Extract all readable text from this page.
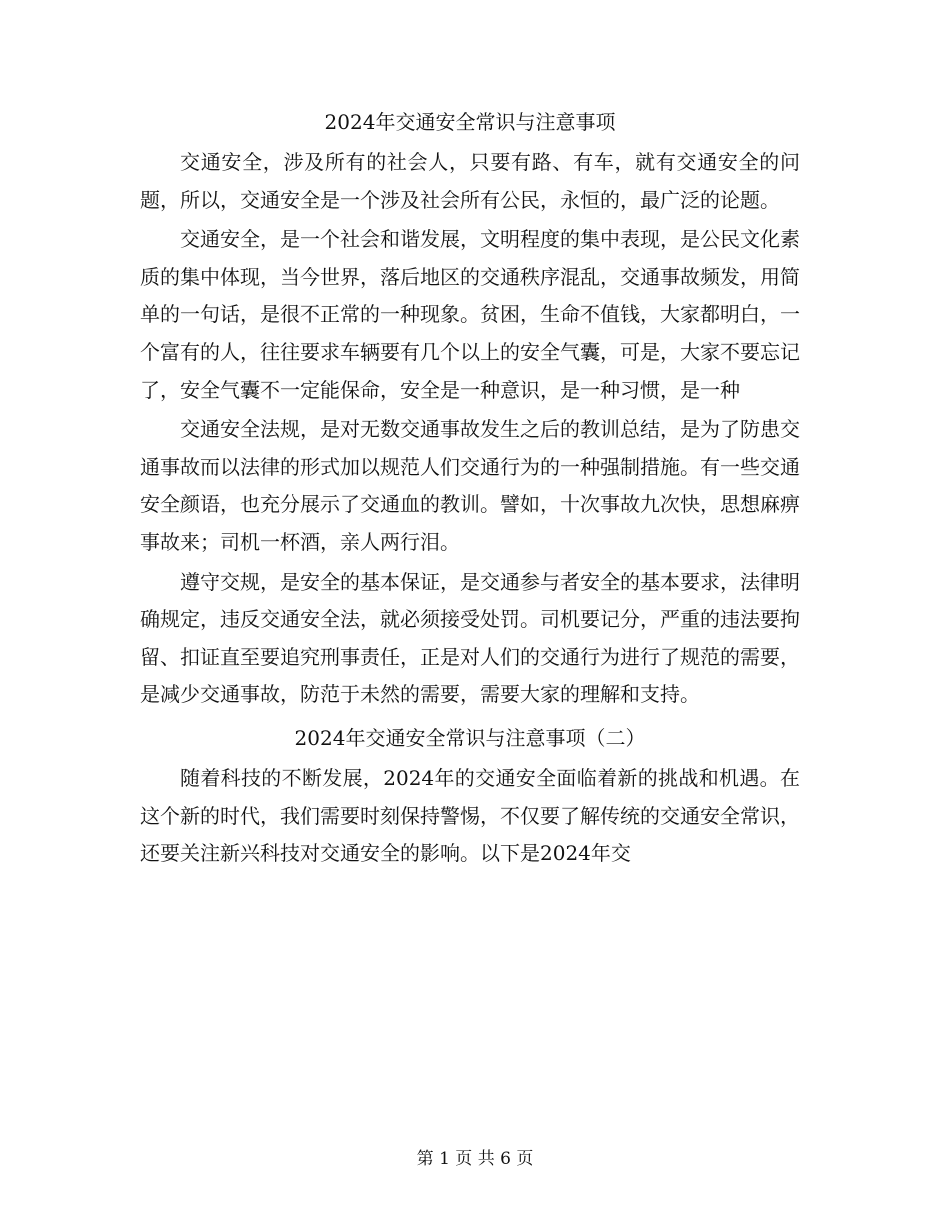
2024年交通安全常识与注意事项

交通安全，涉及所有的社会人，只要有路、有车，就有交通安全的问题，所以，交通安全是一个涉及社会所有公民，永恒的，最广泛的论题。

交通安全，是一个社会和谐发展，文明程度的集中表现，是公民文化素质的集中体现，当今世界，落后地区的交通秩序混乱，交通事故频发，用简单的一句话，是很不正常的一种现象。贫困，生命不值钱，大家都明白，一个富有的人，往往要求车辆要有几个以上的安全气囊，可是，大家不要忘记了，安全气囊不一定能保命，安全是一种意识，是一种习惯，是一种

交通安全法规，是对无数交通事故发生之后的教训总结，是为了防患交通事故而以法律的形式加以规范人们交通行为的一种强制措施。有一些交通安全颜语，也充分展示了交通血的教训。譬如，十次事故九次快，思想麻痹事故来；司机一杯酒，亲人两行泪。

遵守交规，是安全的基本保证，是交通参与者安全的基本要求，法律明确规定，违反交通安全法，就必须接受处罚。司机要记分，严重的违法要拘留、扣证直至要追究刑事责任，正是对人们的交通行为进行了规范的需要，是减少交通事故，防范于未然的需要，需要大家的理解和支持。

2024年交通安全常识与注意事项（二）

随着科技的不断发展，2024年的交通安全面临着新的挑战和机遇。在这个新的时代，我们需要时刻保持警惕，不仅要了解传统的交通安全常识，还要关注新兴科技对交通安全的影响。以下是2024年交

第 1 页 共 6 页
